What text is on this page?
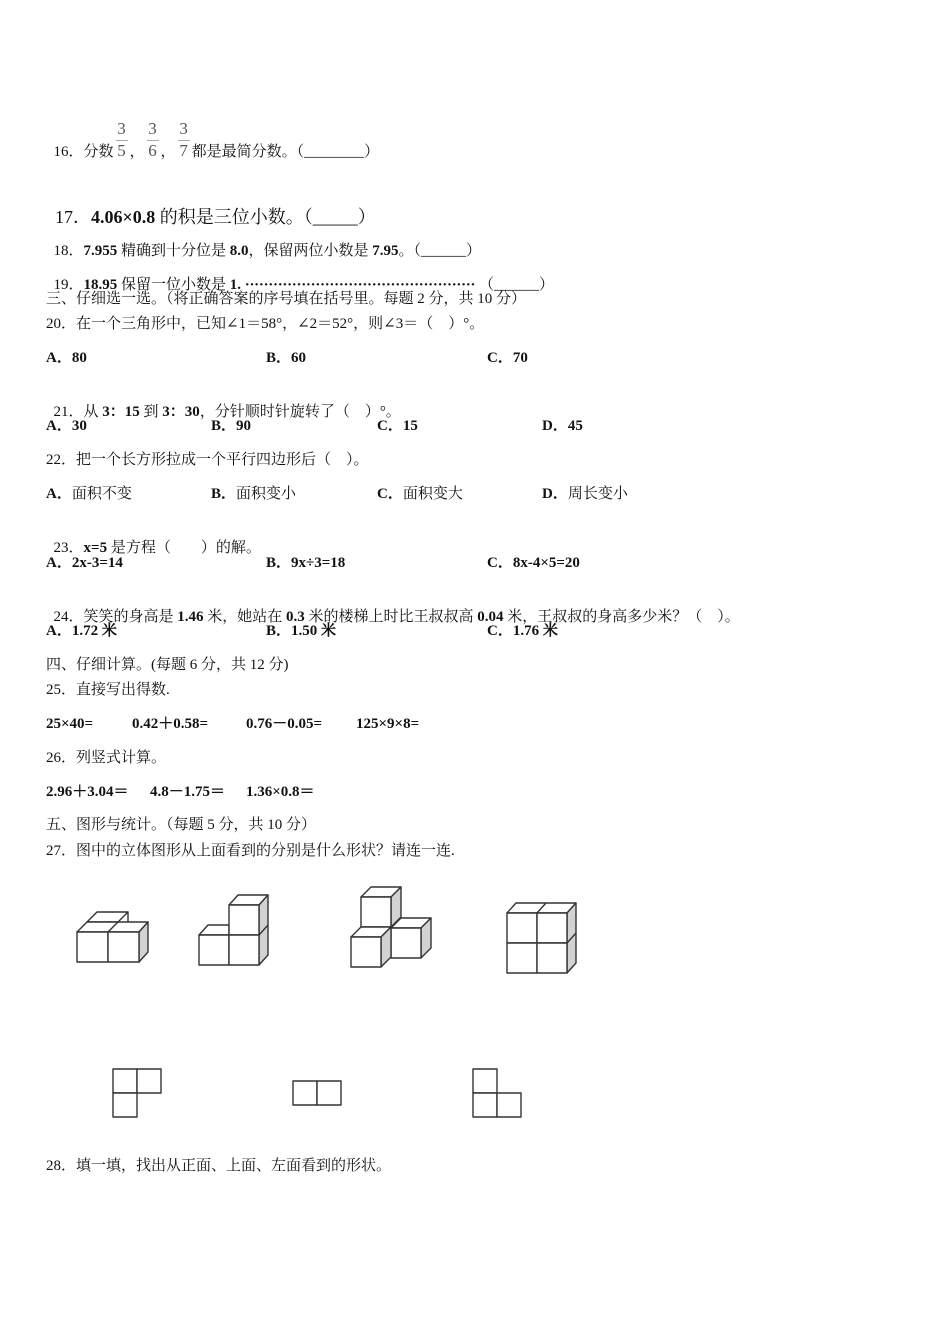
16．分数 $\frac{3}{5}$ ， $\frac{3}{6}$ ， $\frac{3}{7}$ 都是最简分数。（________）

17．4.06×0.8 的积是三位小数。（_____）

18．7.955 精确到十分位是 8.0，保留两位小数是 7.95。（______）

19．18.95 保留一位小数是 1. ················································· （______）

三、仔细选一选。（将正确答案的序号填在括号里。每题 2 分，共 10 分）
20．在一个三角形中，已知∠1＝58°，∠2＝52°，则∠3＝（　）°。
A．80	B．60	C．70

21．从 3：15 到 3：30，分针顺时针旋转了（　）°。

A．30	B．90	C．15	D．45
22．把一个长方形拉成一个平行四边形后（　）。
A．面积不变	B．面积变小	C．面积变大	D．周长变小

23．x=5 是方程（　　）的解。

A．2x-3=14	B．9x÷3=18	C．8x-4×5=20

24．笑笑的身高是 1.46 米，她站在 0.3 米的楼梯上时比王叔叔高 0.04 米，王叔叔的身高多少米？（　）。

A．1.72 米	B．1.50 米	C．1.76 米
四、仔细计算。(每题 6 分，共 12 分)
25．直接写出得数.
25×40=	0.42＋0.58=	0.76－0.05= 125×9×8=
26．列竖式计算。
2.96＋3.04＝ 4.8－1.75＝ 1.36×0.8＝
五、图形与统计。（每题 5 分，共 10 分）
27．图中的立体图形从上面看到的分别是什么形状？请连一连.
28．填一填，找出从正面、上面、左面看到的形状。
